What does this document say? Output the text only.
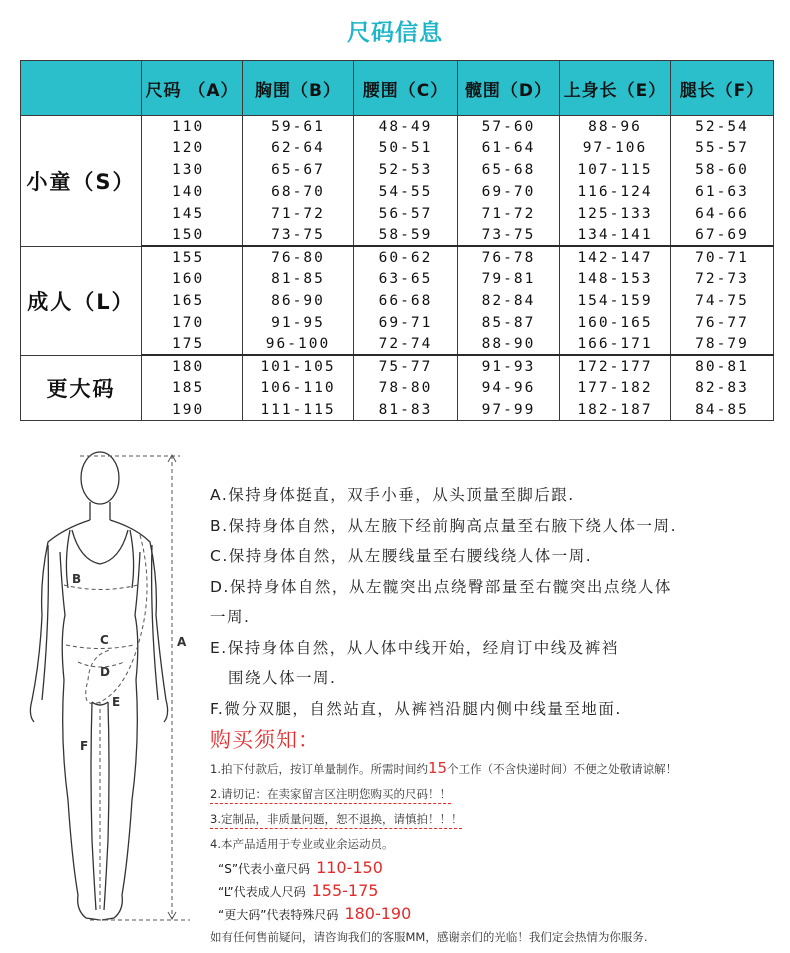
尺码信息
	尺码 （A）	胸围（B）	腰围（C）	髋围（D）	上身长（E）	腿长（F）
小童（S）	110	59-61	48-49	57-60	88-96	52-54
	120	62-64	50-51	61-64	97-106	55-57
	130	65-67	52-53	65-68	107-115	58-60
	140	68-70	54-55	69-70	116-124	61-63
	145	71-72	56-57	71-72	125-133	64-66
	150	73-75	58-59	73-75	134-141	67-69
成人（L）	155	76-80	60-62	76-78	142-147	70-71
	160	81-85	63-65	79-81	148-153	72-73
	165	86-90	66-68	82-84	154-159	74-75
	170	91-95	69-71	85-87	160-165	76-77
	175	96-100	72-74	88-90	166-171	78-79
更大码	180	101-105	75-77	91-93	172-177	80-81
	185	106-110	78-80	94-96	177-182	82-83
	190	111-115	81-83	97-99	182-187	84-85
A
B
C
D
E
F

A.保持身体挺直，双手小垂，从头顶量至脚后跟.

B.保持身体自然，从左腋下经前胸高点量至右腋下绕人体一周.

C.保持身体自然，从左腰线量至右腰线绕人体一周.

D.保持身体自然，从左髋突出点绕臀部量至右髋突出点绕人体

一周.

E.保持身体自然，从人体中线开始，经肩订中线及裤裆

围绕人体一周.

F.微分双腿，自然站直，从裤裆沿腿内侧中线量至地面.

购买须知：
1.拍下付款后，按订单量制作。所需时间约15个工作（不含快递时间）不便之处敬请谅解！
2.请切记：在卖家留言区注明您购买的尺码！！
3.定制品，非质量问题，恕不退换，请慎拍！！！
4.本产品适用于专业或业余运动员。
“S”代表小童尺码 110-150
“L”代表成人尺码 155-175
“更大码”代表特殊尺码 180-190
如有任何售前疑问，请咨询我们的客服MM，感谢亲们的光临！我们定会热情为你服务.
